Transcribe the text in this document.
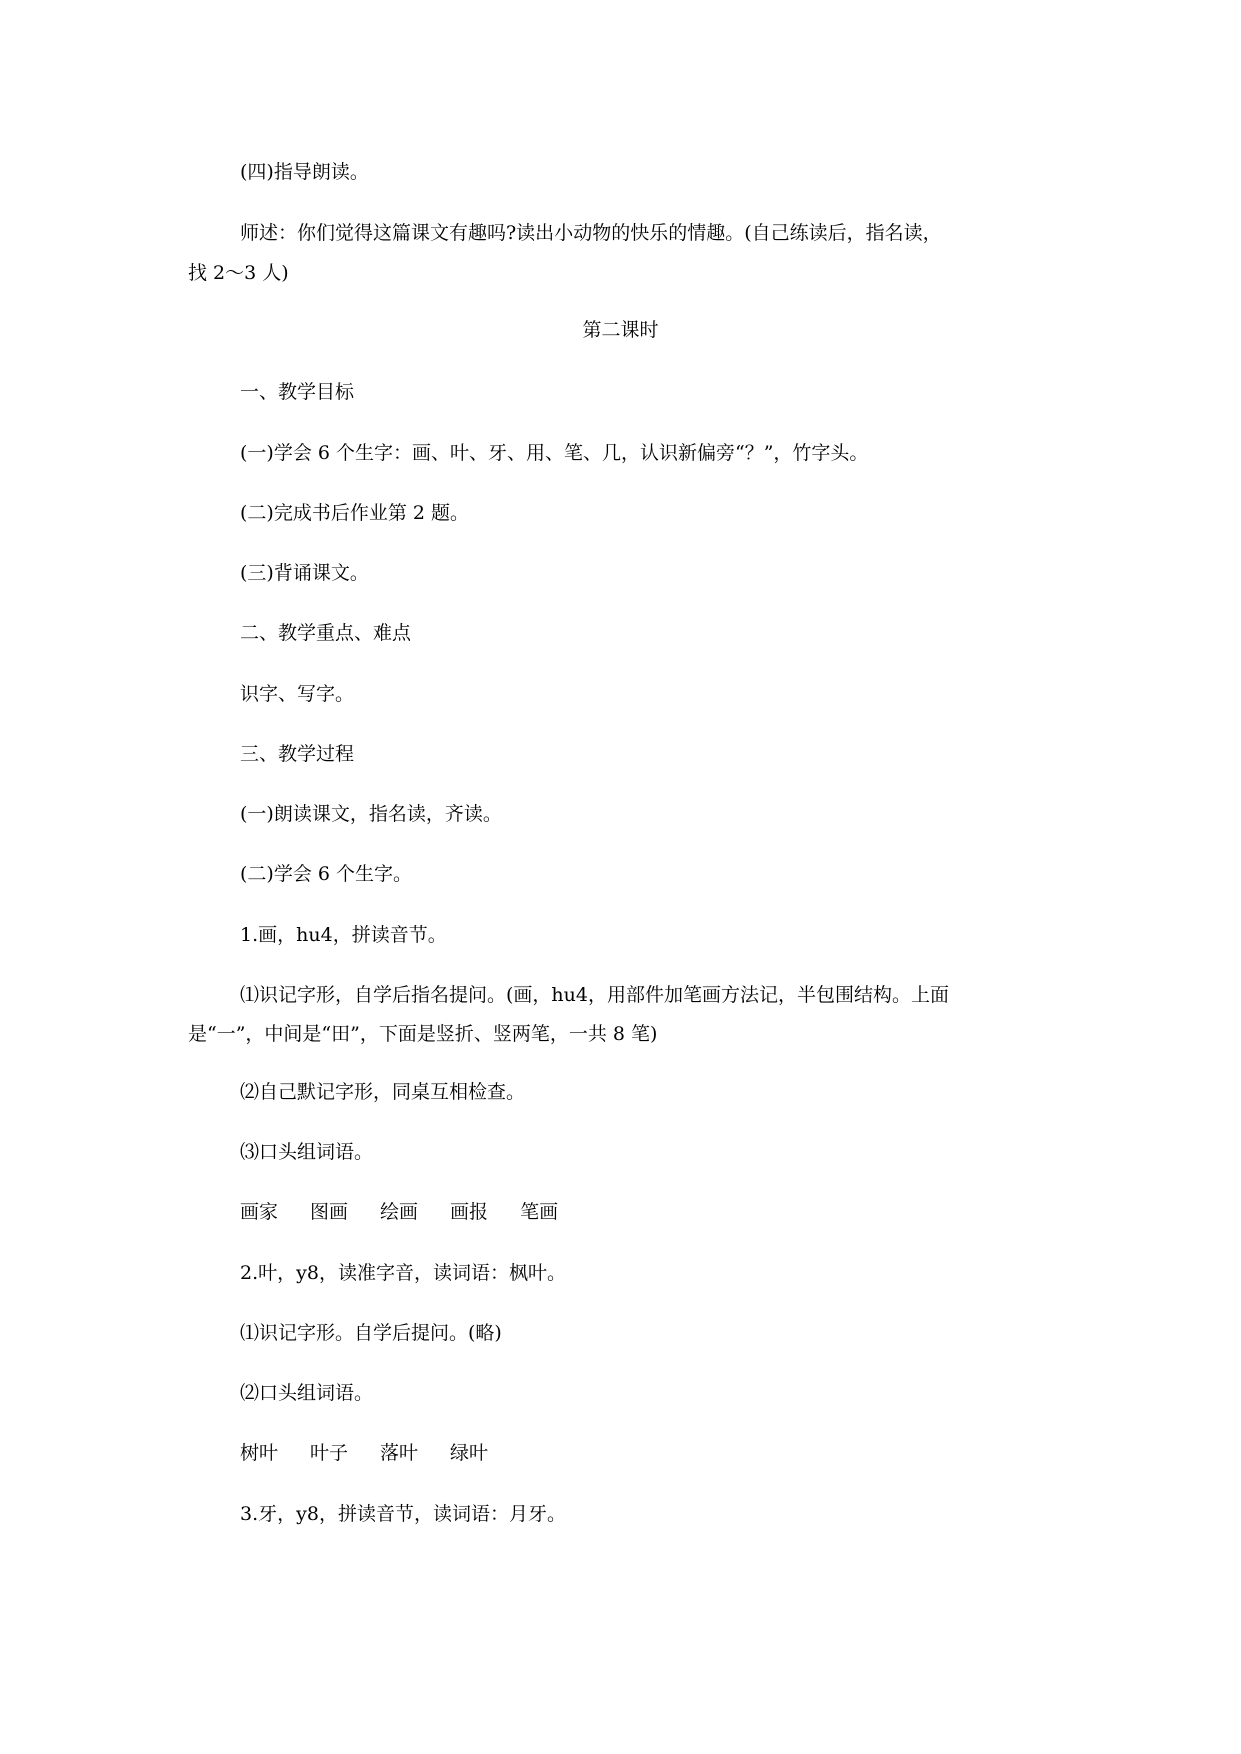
(四)指导朗读。
师述：你们觉得这篇课文有趣吗?读出小动物的快乐的情趣。(自己练读后，指名读，
找 2～3 人)
第二课时
一、教学目标
(一)学会 6 个生字：画、叶、牙、用、笔、几，认识新偏旁“？”，竹字头。
(二)完成书后作业第 2 题。
(三)背诵课文。
二、教学重点、难点
识字、写字。
三、教学过程
(一)朗读课文，指名读，齐读。
(二)学会 6 个生字。
1.画，hu4，拼读音节。
⑴识记字形，自学后指名提问。(画，hu4，用部件加笔画方法记，半包围结构。上面
是“一”，中间是“田”，下面是竖折、竖两笔，一共 8 笔)
⑵自己默记字形，同桌互相检查。
⑶口头组词语。
画家 图画 绘画 画报 笔画
2.叶，y8，读准字音，读词语：枫叶。
⑴识记字形。自学后提问。(略)
⑵口头组词语。
树叶 叶子 落叶 绿叶
3.牙，y8，拼读音节，读词语：月牙。
